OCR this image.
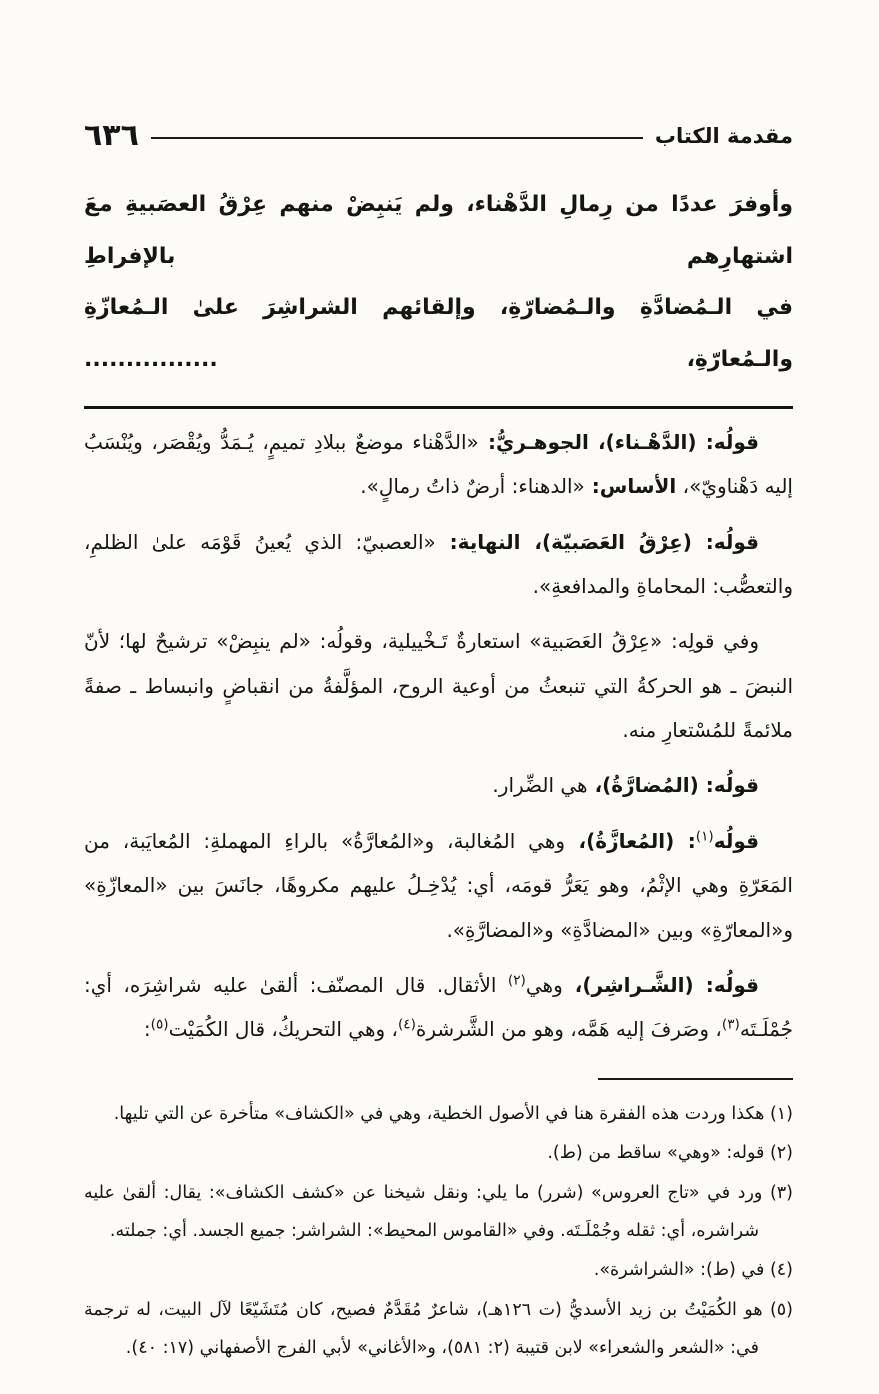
مقدمة الكتاب
٦٣٦
وأوفرَ عددًا من رِمالِ الدَّهْناء، ولم يَنبِضْ منهم عِرْقُ العصَبيةِ معَ اشتهارِهم بالإفراطِ
في الـمُضادَّةِ والـمُضارّةِ، وإلقائهم الشراشِرَ علىٰ الـمُعازّةِ والـمُعارّةِ، ................

قولُه: (الدَّهْـناء)، الجوهـريُّ: «الدَّهْناء موضعٌ ببلادِ تميمٍ، يُـمَدُّ ويُقْصَر، ويُنْسَبُ إليه دَهْناويّ»، الأساس: «الدهناء: أرضٌ ذاتُ رمالٍ».

قولُه: (عِرْقُ العَصَبيّة)، النهاية: «العصبيّ: الذي يُعينُ قَوْمَه علىٰ الظلمِ، والتعصُّب: المحاماةِ والمدافعةِ».

وفي قولِه: «عِرْقُ العَصَبية» استعارةٌ تَـخْييلية، وقولُه: «لم ينبِضْ» ترشيحٌ لها؛ لأنّ النبضَ ـ هو الحركةُ التي تنبعثُ من أوعية الروح، المؤلَّفةُ من انقباضٍ وانبساط ـ صفةً ملائمةً للمُسْتعارِ منه.

قولُه: (المُضارَّةُ)، هي الضِّرار.

قولُه$^{(١)}$: (المُعازَّةُ)، وهي المُغالبة، و«المُعارَّةُ» بالراءِ المهملةِ: المُعايَبة، من المَعَرّةِ وهي الإثْمُ، وهو يَعَرُّ قومَه، أي: يُدْخِـلُ عليهم مكروهًا، جانَسَ بين «المعازّةِ» و«المعارّةِ» وبين «المضادَّةِ» و«المضارَّةِ».

قولُه: (الشَّـراشِر)، وهي$^{(٢)}$ الأثقال. قال المصنّف: ألقىٰ عليه شراشِرَه، أي: جُمْلَـتَه$^{(٣)}$، وصَرفَ إليه هَمَّه، وهو من الشَّرشرة$^{(٤)}$، وهي التحريكُ، قال الكُمَيْت$^{(٥)}$:

(١) هكذا وردت هذه الفقرة هنا في الأصول الخطية، وهي في «الكشاف» متأخرة عن التي تليها.
(٢) قوله: «وهي» ساقط من (ط).
(٣) ورد في «تاج العروس» (شرر) ما يلي: ونقل شيخنا عن «كشف الكشاف»: يقال: ألقىٰ عليه شراشره، أي: ثقله وجُمْلَـتَه. وفي «القاموس المحيط»: الشراشر: جميع الجسد. أي: جملته.
(٤) في (ط): «الشراشرة».
(٥) هو الكُمَيْتُ بن زيد الأسديُّ (ت ١٢٦هـ)، شاعرٌ مُقَدَّمٌ فصيح، كان مُتَشَيّعًا لآل البيت، له ترجمة في: «الشعر والشعراء» لابن قتيبة (٢: ٥٨١)، و«الأغاني» لأبي الفرج الأصفهاني (١٧: ٤٠).
